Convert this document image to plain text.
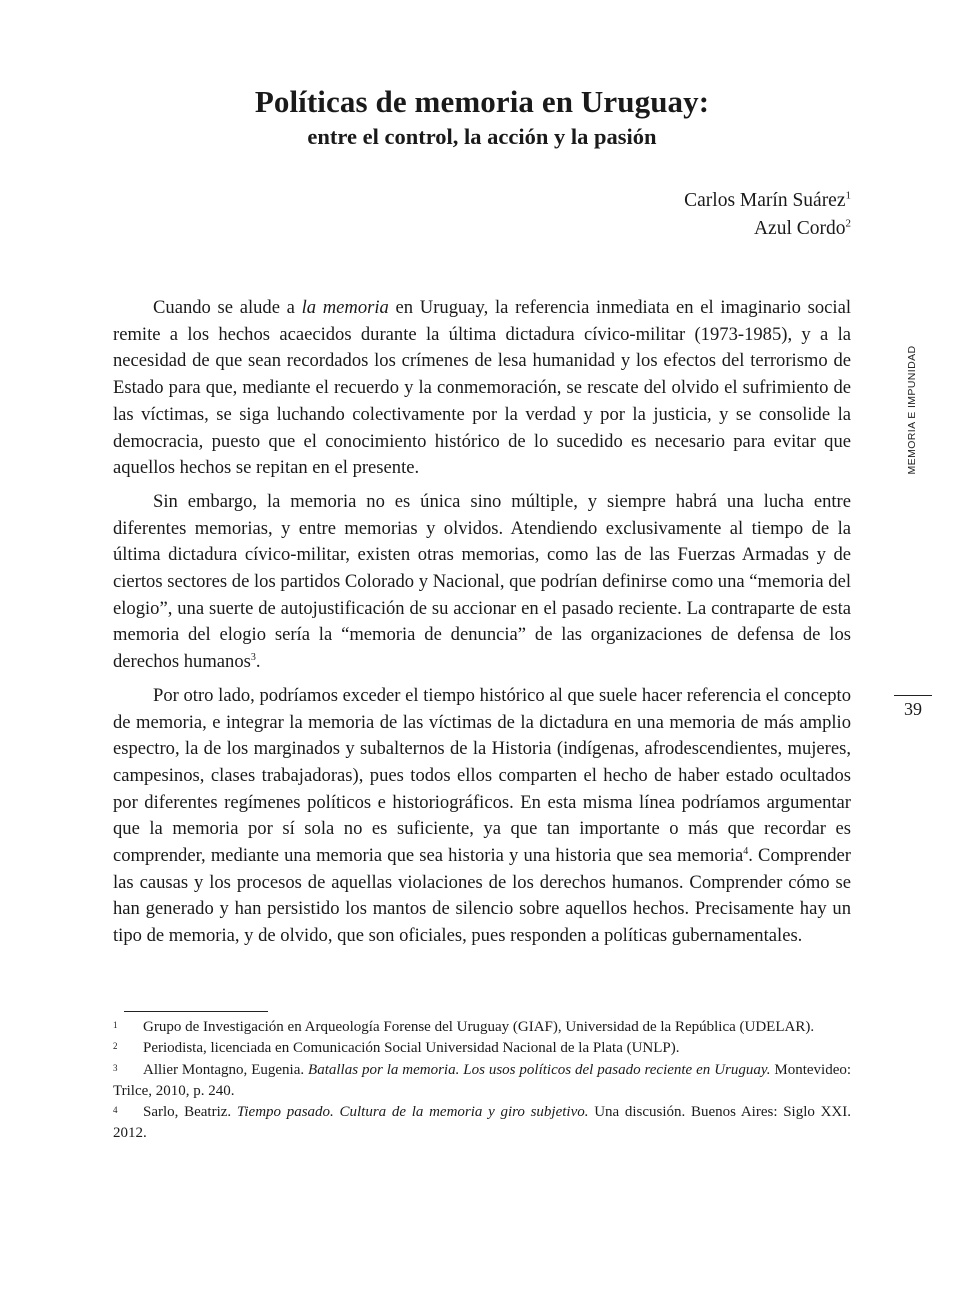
Políticas de memoria en Uruguay:
entre el control, la acción y la pasión
Carlos Marín Suárez$^1$
Azul Cordo$^2$
MEMORIA E IMPUNIDAD
39

Cuando se alude a la memoria en Uruguay, la referencia inmediata en el imaginario social remite a los hechos acaecidos durante la última dictadura cívico-militar (1973-1985), y a la necesidad de que sean recordados los crímenes de lesa humanidad y los efectos del terrorismo de Estado para que, mediante el recuerdo y la conmemoración, se rescate del olvido el sufrimiento de las víctimas, se siga luchando colectivamente por la verdad y por la justicia, y se consolide la democracia, puesto que el conocimiento histórico de lo sucedido es necesario para evitar que aquellos hechos se repitan en el presente.

Sin embargo, la memoria no es única sino múltiple, y siempre habrá una lucha entre diferentes memorias, y entre memorias y olvidos. Atendiendo exclusivamente al tiempo de la última dictadura cívico-militar, existen otras memorias, como las de las Fuerzas Armadas y de ciertos sectores de los partidos Colorado y Nacional, que podrían definirse como una “memoria del elogio”, una suerte de autojustificación de su accionar en el pasado reciente. La contraparte de esta memoria del elogio sería la “memoria de denuncia” de las organizaciones de defensa de los derechos humanos$^3$.

Por otro lado, podríamos exceder el tiempo histórico al que suele hacer referencia el concepto de memoria, e integrar la memoria de las víctimas de la dictadura en una memoria de más amplio espectro, la de los marginados y subalternos de la Historia (indígenas, afrodescendientes, mujeres, campesinos, clases trabajadoras), pues todos ellos comparten el hecho de haber estado ocultados por diferentes regímenes políticos e historiográficos. En esta misma línea podríamos argumentar que la memoria por sí sola no es suficiente, ya que tan importante o más que recordar es comprender, mediante una memoria que sea historia y una historia que sea memoria$^4$. Comprender las causas y los procesos de aquellas violaciones de los derechos humanos. Comprender cómo se han generado y han persistido los mantos de silencio sobre aquellos hechos. Precisamente hay un tipo de memoria, y de olvido, que son oficiales, pues responden a políticas gubernamentales.

1 Grupo de Investigación en Arqueología Forense del Uruguay (GIAF), Universidad de la República (UDELAR).

2 Periodista, licenciada en Comunicación Social Universidad Nacional de la Plata (UNLP).

3 Allier Montagno, Eugenia. Batallas por la memoria. Los usos políticos del pasado reciente en Uruguay. Montevideo: Trilce, 2010, p. 240.

4 Sarlo, Beatriz. Tiempo pasado. Cultura de la memoria y giro subjetivo. Una discusión. Buenos Aires: Siglo XXI. 2012.
